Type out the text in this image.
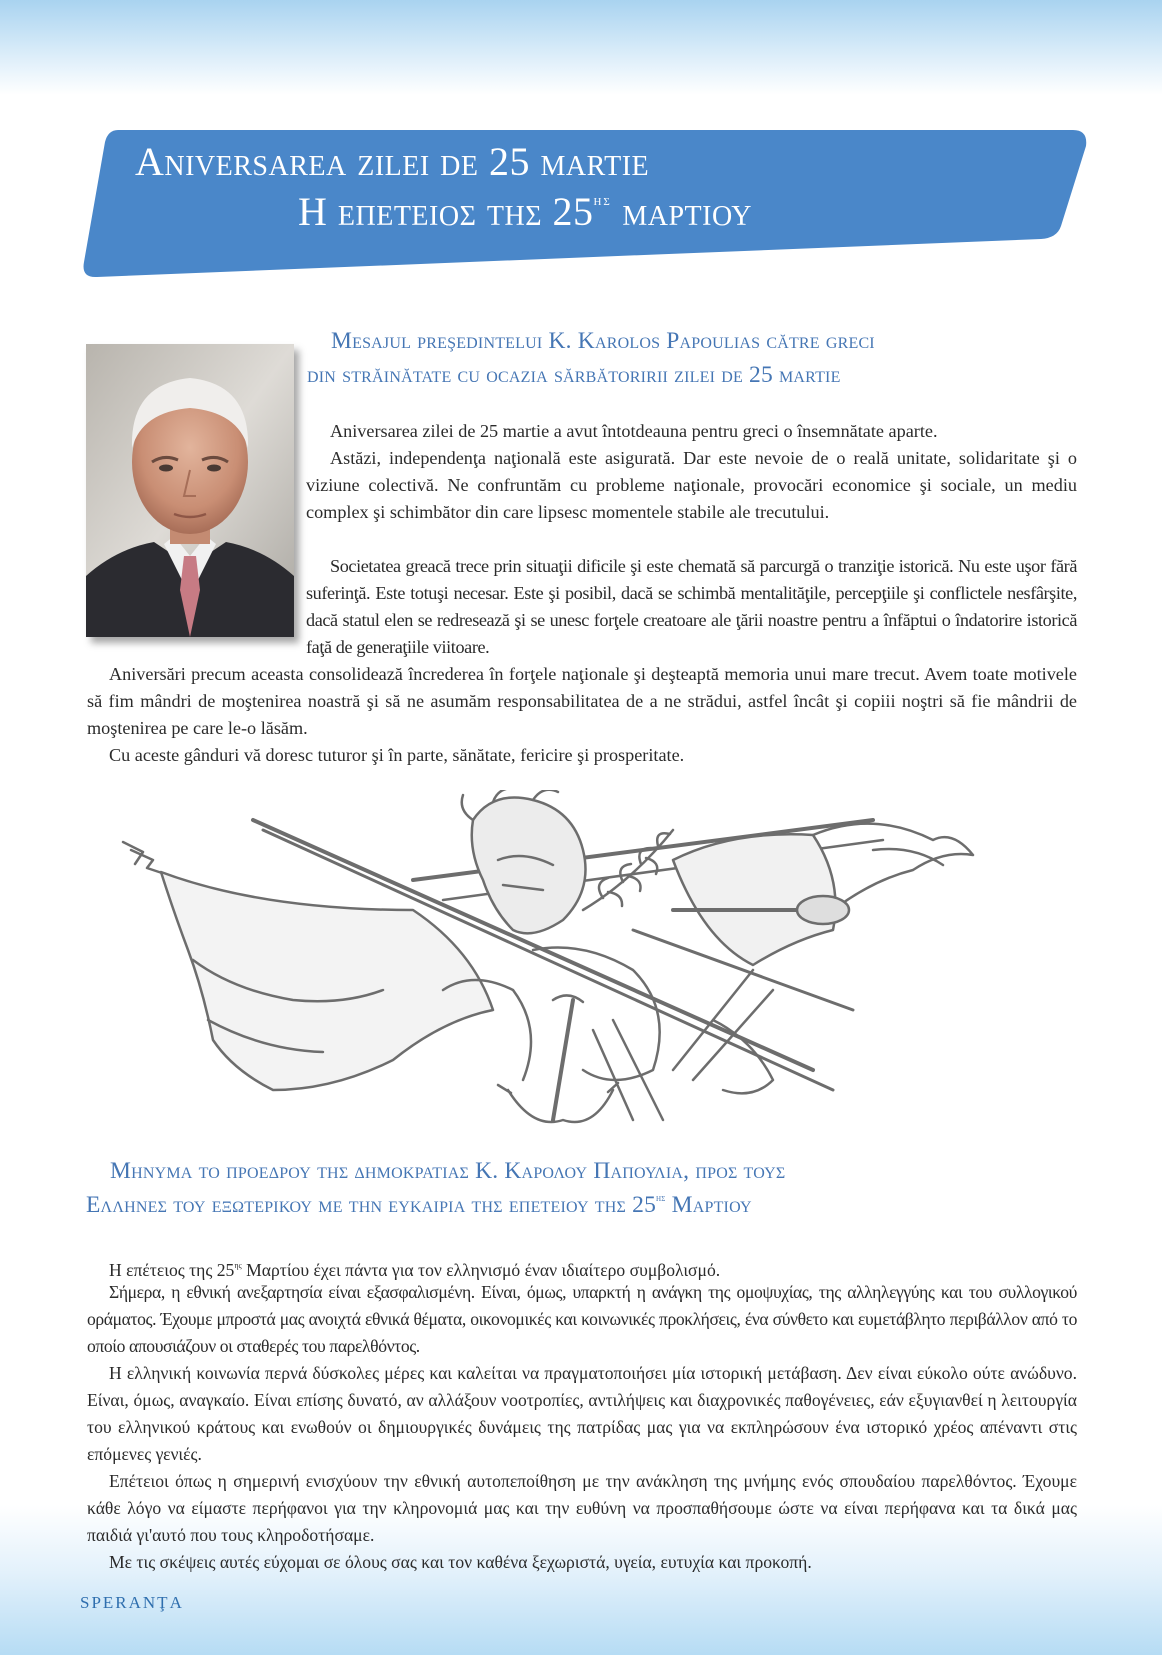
Aniversarea zilei de 25 martie
Η επετειος της $25^{\eta\varsigma}$ μαρτιου
Mesajul preşedintelui K. Karolos Papoulias către greci
din străinătate cu ocazia sărbătoririi zilei de 25 martie

Aniversarea zilei de 25 martie a avut întotdeauna pentru greci o însemnătate aparte.

Astăzi, independenţa naţională este asigurată. Dar este nevoie de o reală unitate, solidaritate şi o viziune colectivă. Ne confruntăm cu probleme naţionale, provocări economice şi sociale, un mediu complex şi schimbător din care lipsesc momentele stabile ale trecutului.

Societatea greacă trece prin situaţii dificile şi este chemată să parcurgă o tranziţie istorică. Nu este uşor fără suferinţă. Este totuşi necesar. Este şi posibil, dacă se schimbă mentalităţile, percepţiile şi conflictele nesfârşite, dacă statul elen se redresează şi se unesc forţele creatoare ale ţării noastre pentru a înfăptui o îndatorire istorică faţă de generaţiile viitoare.

Aniversări precum aceasta consolidează încrederea în forţele naţionale şi deşteaptă memoria unui mare trecut. Avem toate motivele să fim mândri de moştenirea noastră şi să ne asumăm responsabilitatea de a ne strădui, astfel încât şi copiii noştri să fie mândrii de moştenirea pe care le-o lăsăm.

Cu aceste gânduri vă doresc tuturor şi în parte, sănătate, fericire şi prosperitate.

Μηνυμα το προεδρου της δημοκρατιας Κ. Καρολου Παπουλια, προς τους
Ελληνες του εξωτερικου με την ευκαιρια της επετειου της $25^{\eta\varsigma}$ Μαρτιου

Η επέτειος της $25^{\eta\varsigma}$ Μαρτίου έχει πάντα για τον ελληνισμό έναν ιδιαίτερο συμβολισμό.

Σήμερα, η εθνική ανεξαρτησία είναι εξασφαλισμένη. Είναι, όμως, υπαρκτή η ανάγκη της ομοψυχίας, της αλληλεγγύης και του συλλογικού οράματος. Έχουμε μπροστά μας ανοιχτά εθνικά θέματα, οικονομικές και κοινωνικές προκλήσεις, ένα σύνθετο και ευμετάβλητο περιβάλλον από το οποίο απουσιάζουν οι σταθερές του παρελθόντος.

Η ελληνική κοινωνία περνά δύσκολες μέρες και καλείται να πραγματοποιήσει μία ιστορική μετάβαση. Δεν είναι εύκολο ούτε ανώδυνο. Είναι, όμως, αναγκαίο. Είναι επίσης δυνατό, αν αλλάξουν νοοτροπίες, αντιλήψεις και διαχρονικές παθογένειες, εάν εξυγιανθεί η λειτουργία του ελληνικού κράτους και ενωθούν οι δημιουργικές δυνάμεις της πατρίδας μας για να εκπληρώσουν ένα ιστορικό χρέος απέναντι στις επόμενες γενιές.

Επέτειοι όπως η σημερινή ενισχύουν την εθνική αυτοπεποίθηση με την ανάκληση της μνήμης ενός σπουδαίου παρελθόντος. Έχουμε κάθε λόγο να είμαστε περήφανοι για την κληρονομιά μας και την ευθύνη να προσπαθήσουμε ώστε να είναι περήφανα και τα δικά μας παιδιά γι'αυτό που τους κληροδοτήσαμε.

Με τις σκέψεις αυτές εύχομαι σε όλους σας και τον καθένα ξεχωριστά, υγεία, ευτυχία και προκοπή.

SPERANŢA
